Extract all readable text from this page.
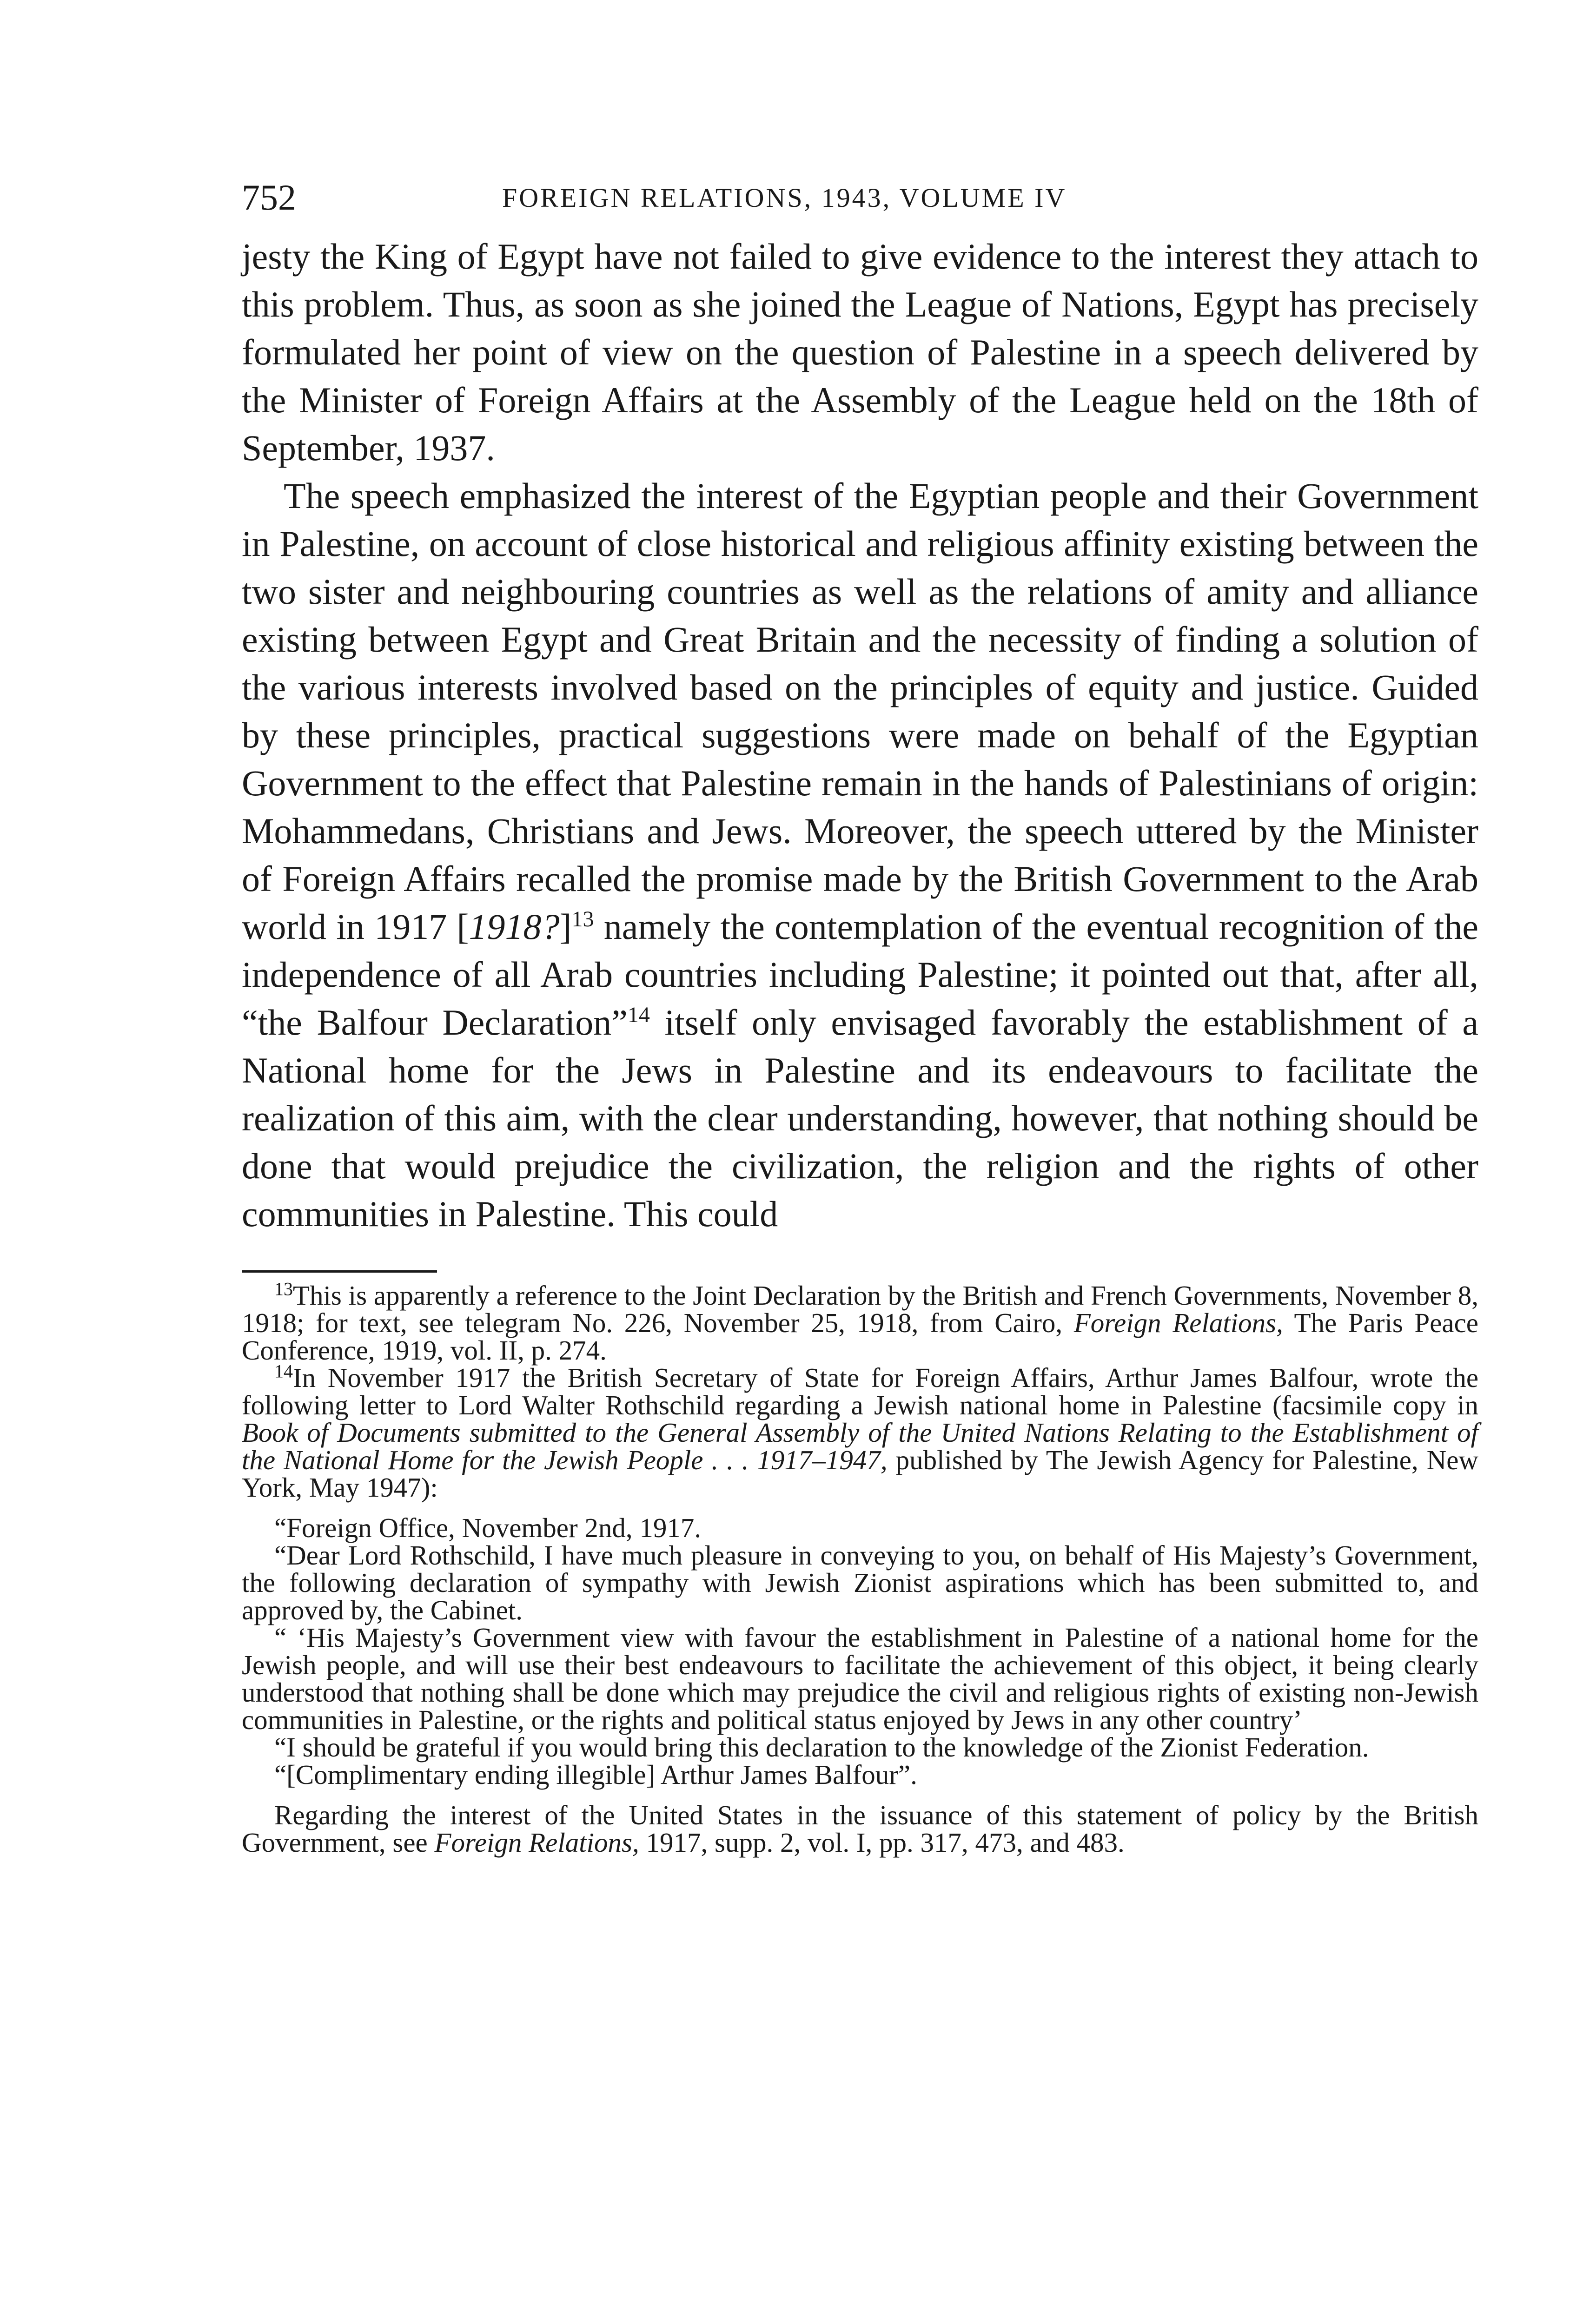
752	FOREIGN RELATIONS, 1943, VOLUME IV

jesty the King of Egypt have not failed to give evidence to the interest they attach to this problem. Thus, as soon as she joined the League of Nations, Egypt has precisely formulated her point of view on the question of Palestine in a speech delivered by the Minister of Foreign Affairs at the Assembly of the League held on the 18th of September, 1937.

The speech emphasized the interest of the Egyptian people and their Government in Palestine, on account of close historical and religious affinity existing between the two sister and neighbouring countries as well as the relations of amity and alliance existing between Egypt and Great Britain and the necessity of finding a solution of the various interests involved based on the principles of equity and justice. Guided by these principles, practical suggestions were made on behalf of the Egyptian Government to the effect that Palestine remain in the hands of Palestinians of origin: Mohammedans, Christians and Jews. Moreover, the speech uttered by the Minister of Foreign Affairs recalled the promise made by the British Government to the Arab world in 1917 [1918?]$^{13}$ namely the contemplation of the eventual recognition of the independence of all Arab countries including Palestine; it pointed out that, after all, “the Balfour Declaration”$^{14}$ itself only envisaged favorably the establishment of a National home for the Jews in Palestine and its endeavours to facilitate the realization of this aim, with the clear understanding, however, that nothing should be done that would prejudice the civilization, the religion and the rights of other communities in Palestine. This could

$^{13}$This is apparently a reference to the Joint Declaration by the British and French Governments, November 8, 1918; for text, see telegram No. 226, November 25, 1918, from Cairo, Foreign Relations, The Paris Peace Conference, 1919, vol. II, p. 274.

$^{14}$In November 1917 the British Secretary of State for Foreign Affairs, Arthur James Balfour, wrote the following letter to Lord Walter Rothschild regarding a Jewish national home in Palestine (facsimile copy in Book of Documents submitted to the General Assembly of the United Nations Relating to the Establishment of the National Home for the Jewish People . . . 1917–1947, published by The Jewish Agency for Palestine, New York, May 1947):

“Foreign Office, November 2nd, 1917.

“Dear Lord Rothschild, I have much pleasure in conveying to you, on behalf of His Majesty’s Government, the following declaration of sympathy with Jewish Zionist aspirations which has been submitted to, and approved by, the Cabinet.

“ ‘His Majesty’s Government view with favour the establishment in Palestine of a national home for the Jewish people, and will use their best endeavours to facilitate the achievement of this object, it being clearly understood that nothing shall be done which may prejudice the civil and religious rights of existing non-Jewish communities in Palestine, or the rights and political status enjoyed by Jews in any other country’

“I should be grateful if you would bring this declaration to the knowledge of the Zionist Federation.

“[Complimentary ending illegible] Arthur James Balfour”.

Regarding the interest of the United States in the issuance of this statement of policy by the British Government, see Foreign Relations, 1917, supp. 2, vol. I, pp. 317, 473, and 483.
